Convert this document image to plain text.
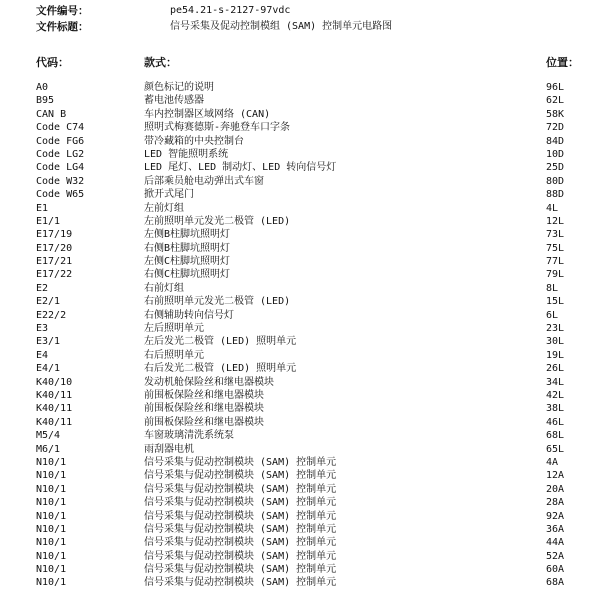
文件编号：	pe54.21-s-2127-97vdc
文件标题：	信号采集及促动控制模组 (SAM) 控制单元电路图
代码：	款式：	位置：
A0	颜色标记的说明	96L
B95	蓄电池传感器	62L
CAN B	车内控制器区域网络 (CAN)	58K
Code C74	照明式梅赛德斯-奔驰登车口字条	72D
Code FG6	带冷藏箱的中央控制台	84D
Code LG2	LED 智能照明系统	10D
Code LG4	LED 尾灯、LED 制动灯、LED 转向信号灯	25D
Code W32	后部乘员舱电动弹出式车窗	80D
Code W65	掀开式尾门	88D
E1	左前灯组	4L
E1/1	左前照明单元发光二极管 (LED)	12L
E17/19	左侧B柱脚坑照明灯	73L
E17/20	右侧B柱脚坑照明灯	75L
E17/21	左侧C柱脚坑照明灯	77L
E17/22	右侧C柱脚坑照明灯	79L
E2	右前灯组	8L
E2/1	右前照明单元发光二极管 (LED)	15L
E22/2	右侧辅助转向信号灯	6L
E3	左后照明单元	23L
E3/1	左后发光二极管 (LED) 照明单元	30L
E4	右后照明单元	19L
E4/1	右后发光二极管 (LED) 照明单元	26L
K40/10	发动机舱保险丝和继电器模块	34L
K40/11	前围板保险丝和继电器模块	42L
K40/11	前围板保险丝和继电器模块	38L
K40/11	前围板保险丝和继电器模块	46L
M5/4	车窗玻璃清洗系统泵	68L
M6/1	雨刮器电机	65L
N10/1	信号采集与促动控制模块 (SAM) 控制单元	4A
N10/1	信号采集与促动控制模块 (SAM) 控制单元	12A
N10/1	信号采集与促动控制模块 (SAM) 控制单元	20A
N10/1	信号采集与促动控制模块 (SAM) 控制单元	28A
N10/1	信号采集与促动控制模块 (SAM) 控制单元	92A
N10/1	信号采集与促动控制模块 (SAM) 控制单元	36A
N10/1	信号采集与促动控制模块 (SAM) 控制单元	44A
N10/1	信号采集与促动控制模块 (SAM) 控制单元	52A
N10/1	信号采集与促动控制模块 (SAM) 控制单元	60A
N10/1	信号采集与促动控制模块 (SAM) 控制单元	68A
